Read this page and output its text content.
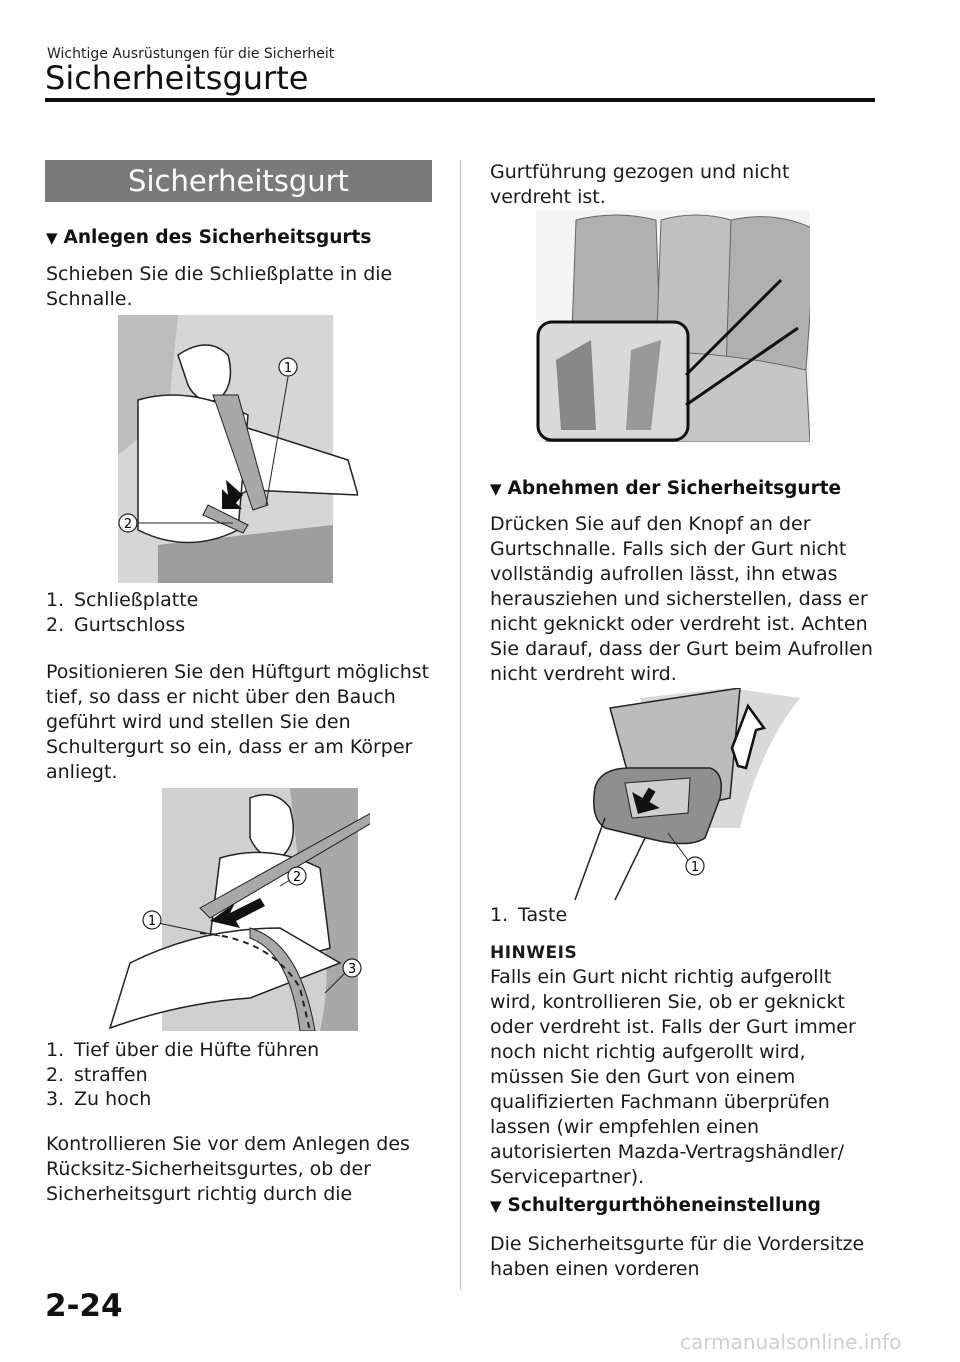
Wichtige Ausrüstungen für die Sicherheit
Sicherheitsgurte
Sicherheitsgurt
▼ Anlegen des Sicherheitsgurts
Schieben Sie die Schließplatte in die Schnalle.
1
2
1. Schließplatte
2. Gurtschloss
Positionieren Sie den Hüftgurt möglichst tief, so dass er nicht über den Bauch geführt wird und stellen Sie den Schultergurt so ein, dass er am Körper anliegt.
1
2
3
1. Tief über die Hüfte führen
2. straffen
3. Zu hoch
Kontrollieren Sie vor dem Anlegen des Rücksitz-Sicherheitsgurtes, ob der Sicherheitsgurt richtig durch die
Gurtführung gezogen und nicht verdreht ist.
▼ Abnehmen der Sicherheitsgurte
Drücken Sie auf den Knopf an der Gurtschnalle. Falls sich der Gurt nicht vollständig aufrollen lässt, ihn etwas herausziehen und sicherstellen, dass er nicht geknickt oder verdreht ist. Achten Sie darauf, dass der Gurt beim Aufrollen nicht verdreht wird.
1
1. Taste
HINWEIS
Falls ein Gurt nicht richtig aufgerollt wird, kontrollieren Sie, ob er geknickt oder verdreht ist. Falls der Gurt immer noch nicht richtig aufgerollt wird, müssen Sie den Gurt von einem qualifizierten Fachmann überprüfen lassen (wir empfehlen einen autorisierten Mazda-Vertragshändler/ Servicepartner).
▼ Schultergurthöheneinstellung
Die Sicherheitsgurte für die Vordersitze haben einen vorderen
2-24
carmanualsonline.info
